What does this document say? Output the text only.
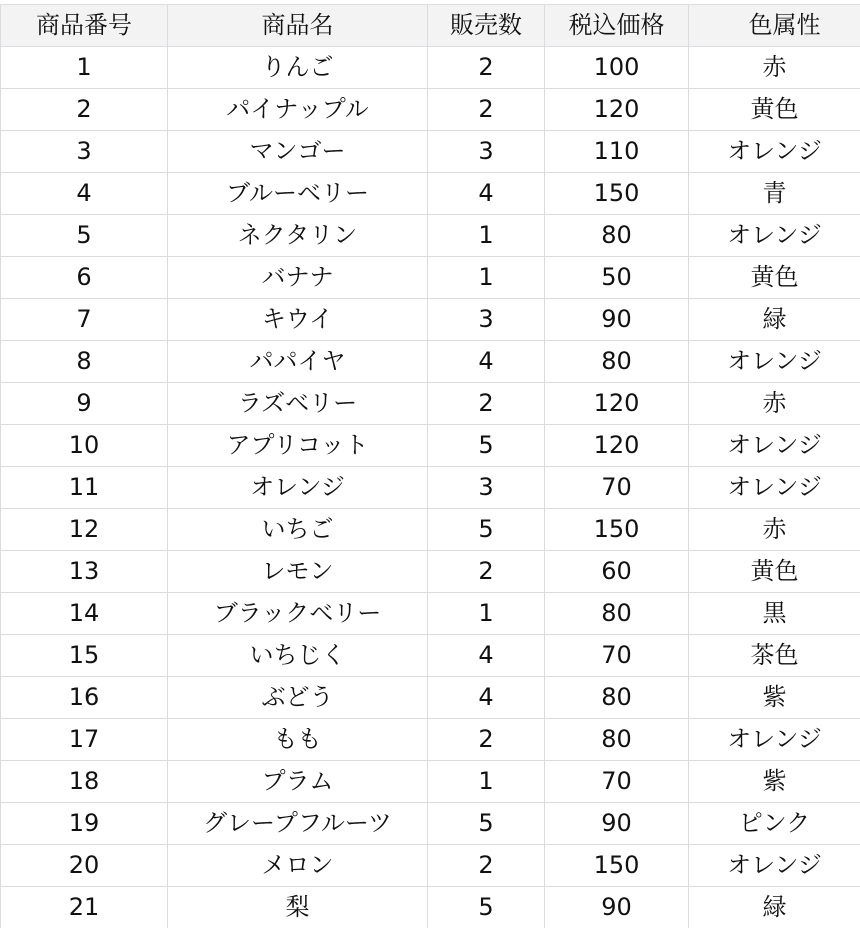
商品番号	商品名	販売数	税込価格	色属性

1	りんご	2	100	赤

2	パイナップル	2	120	黄色

3	マンゴー	3	110	オレンジ

4	ブルーベリー	4	150	青

5	ネクタリン	1	80	オレンジ

6	バナナ	1	50	黄色

7	キウイ	3	90	緑

8	パパイヤ	4	80	オレンジ

9	ラズベリー	2	120	赤

10	アプリコット	5	120	オレンジ

11	オレンジ	3	70	オレンジ

12	いちご	5	150	赤

13	レモン	2	60	黄色

14	ブラックベリー	1	80	黒

15	いちじく	4	70	茶色

16	ぶどう	4	80	紫

17	もも	2	80	オレンジ

18	プラム	1	70	紫

19	グレープフルーツ	5	90	ピンク

20	メロン	2	150	オレンジ

21	梨	5	90	緑
